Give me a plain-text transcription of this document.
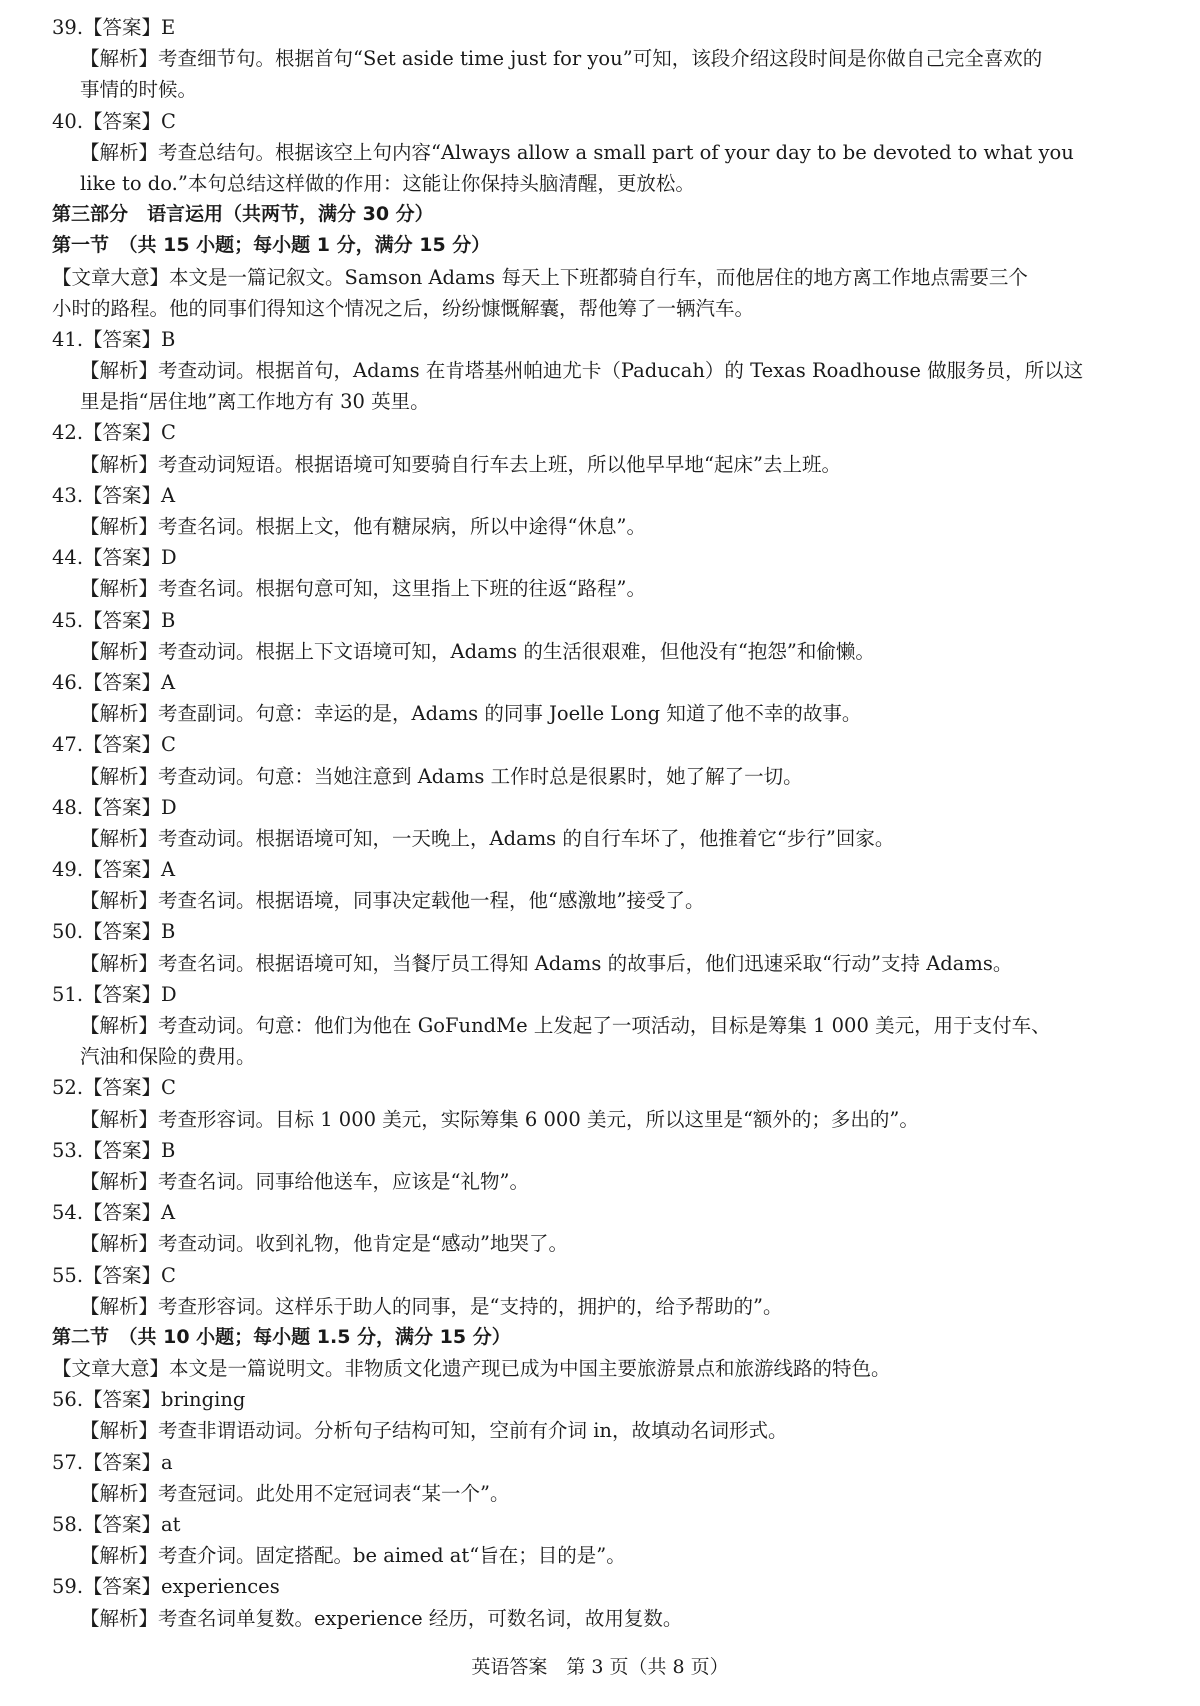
39.【答案】E
【解析】考查细节句。根据首句“Set aside time just for you”可知，该段介绍这段时间是你做自己完全喜欢的
事情的时候。
40.【答案】C
【解析】考查总结句。根据该空上句内容“Always allow a small part of your day to be devoted to what you
like to do.”本句总结这样做的作用：这能让你保持头脑清醒，更放松。
第三部分　语言运用（共两节，满分 30 分）
第一节　（共 15 小题；每小题 1 分，满分 15 分）
【文章大意】本文是一篇记叙文。Samson Adams 每天上下班都骑自行车，而他居住的地方离工作地点需要三个
小时的路程。他的同事们得知这个情况之后，纷纷慷慨解囊，帮他筹了一辆汽车。
41.【答案】B
【解析】考查动词。根据首句，Adams 在肯塔基州帕迪尤卡（Paducah）的 Texas Roadhouse 做服务员，所以这
里是指“居住地”离工作地方有 30 英里。
42.【答案】C
【解析】考查动词短语。根据语境可知要骑自行车去上班，所以他早早地“起床”去上班。
43.【答案】A
【解析】考查名词。根据上文，他有糖尿病，所以中途得“休息”。
44.【答案】D
【解析】考查名词。根据句意可知，这里指上下班的往返“路程”。
45.【答案】B
【解析】考查动词。根据上下文语境可知，Adams 的生活很艰难，但他没有“抱怨”和偷懒。
46.【答案】A
【解析】考查副词。句意：幸运的是，Adams 的同事 Joelle Long 知道了他不幸的故事。
47.【答案】C
【解析】考查动词。句意：当她注意到 Adams 工作时总是很累时，她了解了一切。
48.【答案】D
【解析】考查动词。根据语境可知，一天晚上，Adams 的自行车坏了，他推着它“步行”回家。
49.【答案】A
【解析】考查名词。根据语境，同事决定载他一程，他“感激地”接受了。
50.【答案】B
【解析】考查名词。根据语境可知，当餐厅员工得知 Adams 的故事后，他们迅速采取“行动”支持 Adams。
51.【答案】D
【解析】考查动词。句意：他们为他在 GoFundMe 上发起了一项活动，目标是筹集 1 000 美元，用于支付车、
汽油和保险的费用。
52.【答案】C
【解析】考查形容词。目标 1 000 美元，实际筹集 6 000 美元，所以这里是“额外的；多出的”。
53.【答案】B
【解析】考查名词。同事给他送车，应该是“礼物”。
54.【答案】A
【解析】考查动词。收到礼物，他肯定是“感动”地哭了。
55.【答案】C
【解析】考查形容词。这样乐于助人的同事，是“支持的，拥护的，给予帮助的”。
第二节　（共 10 小题；每小题 1.5 分，满分 15 分）
【文章大意】本文是一篇说明文。非物质文化遗产现已成为中国主要旅游景点和旅游线路的特色。
56.【答案】bringing
【解析】考查非谓语动词。分析句子结构可知，空前有介词 in，故填动名词形式。
57.【答案】a
【解析】考查冠词。此处用不定冠词表“某一个”。
58.【答案】at
【解析】考查介词。固定搭配。be aimed at“旨在；目的是”。
59.【答案】experiences
【解析】考查名词单复数。experience 经历，可数名词，故用复数。
英语答案　第 3 页（共 8 页）
